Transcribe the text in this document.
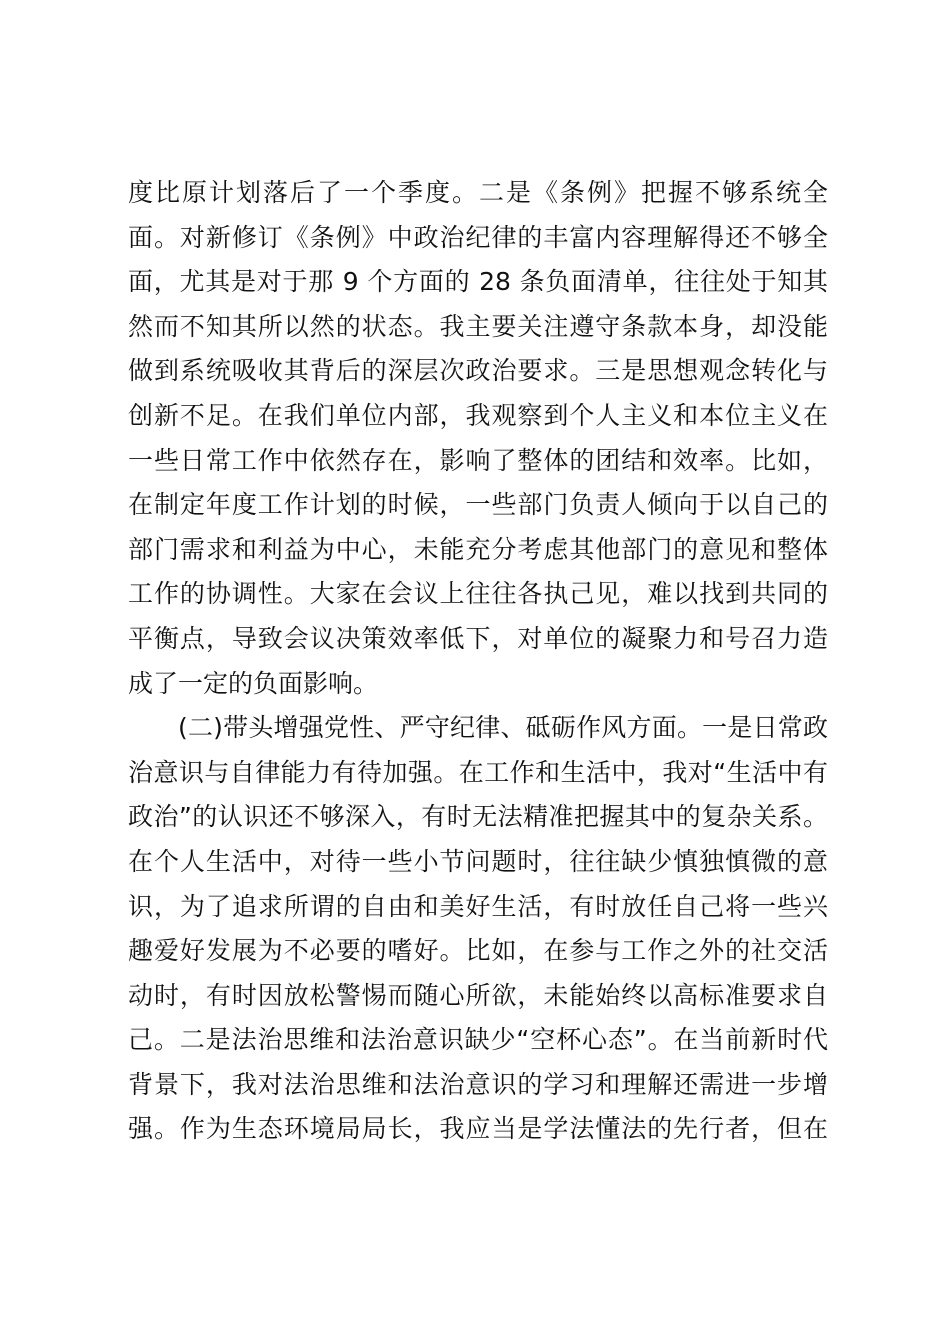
度比原计划落后了一个季度。二是《条例》把握不够系统全
面。对新修订《条例》中政治纪律的丰富内容理解得还不够全
面，尤其是对于那 9 个方面的 28 条负面清单，往往处于知其
然而不知其所以然的状态。我主要关注遵守条款本身，却没能
做到系统吸收其背后的深层次政治要求。三是思想观念转化与
创新不足。在我们单位内部，我观察到个人主义和本位主义在
一些日常工作中依然存在，影响了整体的团结和效率。比如，
在制定年度工作计划的时候，一些部门负责人倾向于以自己的
部门需求和利益为中心，未能充分考虑其他部门的意见和整体
工作的协调性。大家在会议上往往各执己见，难以找到共同的
平衡点，导致会议决策效率低下，对单位的凝聚力和号召力造
成了一定的负面影响。
(二)带头增强党性、严守纪律、砥砺作风方面。一是日常政
治意识与自律能力有待加强。在工作和生活中，我对“生活中有
政治”的认识还不够深入，有时无法精准把握其中的复杂关系。
在个人生活中，对待一些小节问题时，往往缺少慎独慎微的意
识，为了追求所谓的自由和美好生活，有时放任自己将一些兴
趣爱好发展为不必要的嗜好。比如，在参与工作之外的社交活
动时，有时因放松警惕而随心所欲，未能始终以高标准要求自
己。二是法治思维和法治意识缺少“空杯心态”。在当前新时代
背景下，我对法治思维和法治意识的学习和理解还需进一步增
强。作为生态环境局局长，我应当是学法懂法的先行者，但在
